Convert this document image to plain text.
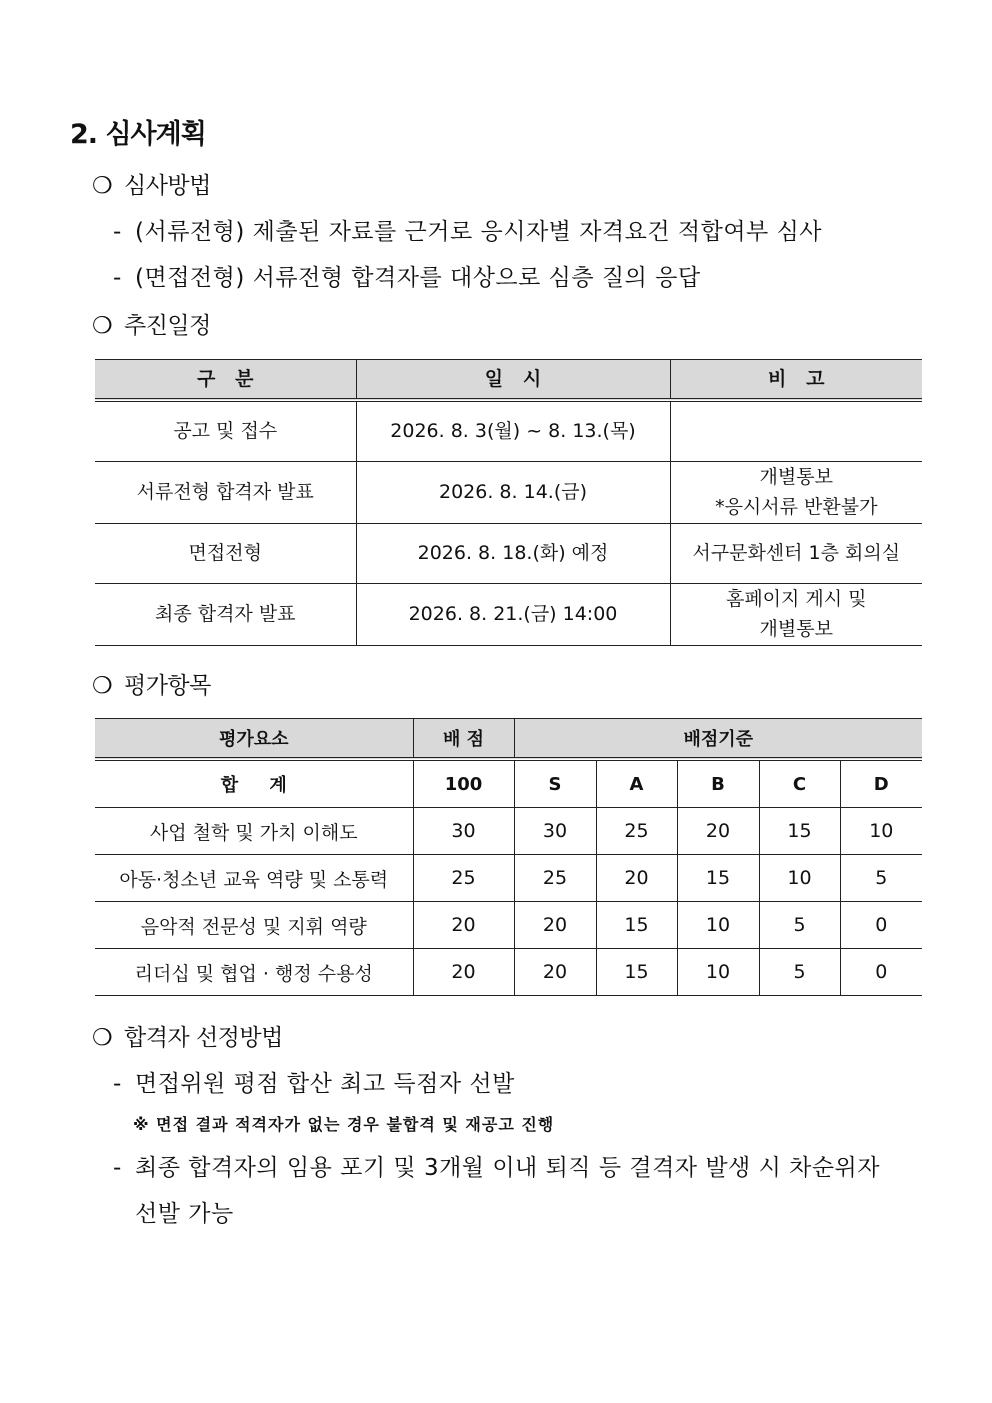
2. 심사계획
❍ 심사방법
- (서류전형) 제출된 자료를 근거로 응시자별 자격요건 적합여부 심사
- (면접전형) 서류전형 합격자를 대상으로 심층 질의 응답
❍ 추진일정
구   분	일   시	비   고
공고 및 접수	2026. 8. 3(월) ~ 8. 13.(목)	
서류전형 합격자 발표	2026. 8. 14.(금)	개별통보
*응시서류 반환불가

면접전형	2026. 8. 18.(화) 예정	서구문화센터 1층 회의실
최종 합격자 발표	2026. 8. 21.(금) 14:00	홈페이지 게시 및
개별통보
❍ 평가항목
평가요소	배 점	배점기준				
합     계	100	S	A	B	C	D
사업 철학 및 가치 이해도	30	30	25	20	15	10
아동·청소년 교육 역량 및 소통력	25	25	20	15	10	5
음악적 전문성 및 지휘 역량	20	20	15	10	5	0
리더십 및 협업 · 행정 수용성	20	20	15	10	5	0
❍ 합격자 선정방법
- 면접위원 평점 합산 최고 득점자 선발
※ 면접 결과 적격자가 없는 경우 불합격 및 재공고 진행
- 최종 합격자의 임용 포기 및 3개월 이내 퇴직 등 결격자 발생 시 차순위자
선발 가능
